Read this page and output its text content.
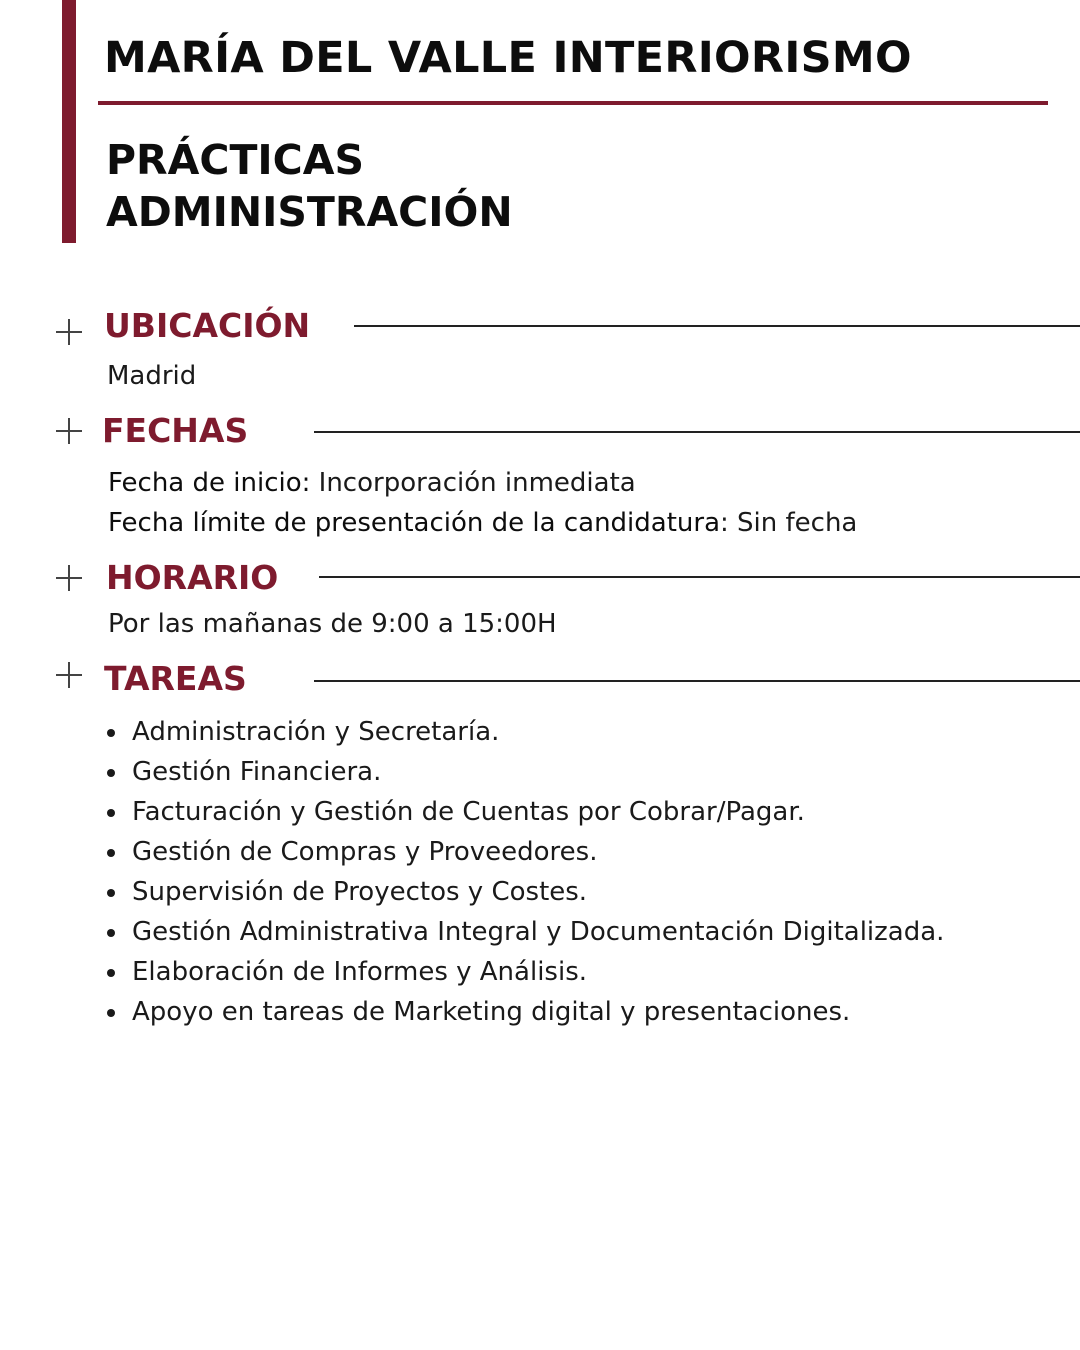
MARÍA DEL VALLE INTERIORISMO
PRÁCTICAS
ADMINISTRACIÓN
UBICACIÓN
Madrid
FECHAS
Fecha de inicio: Incorporación inmediata
Fecha límite de presentación de la candidatura: Sin fecha
HORARIO
Por las mañanas de 9:00 a 15:00H
TAREAS
Administración y Secretaría.
Gestión Financiera.
Facturación y Gestión de Cuentas por Cobrar/Pagar.
Gestión de Compras y Proveedores.
Supervisión de Proyectos y Costes.
Gestión Administrativa Integral y Documentación Digitalizada.
Elaboración de Informes y Análisis.
Apoyo en tareas de Marketing digital y presentaciones.
